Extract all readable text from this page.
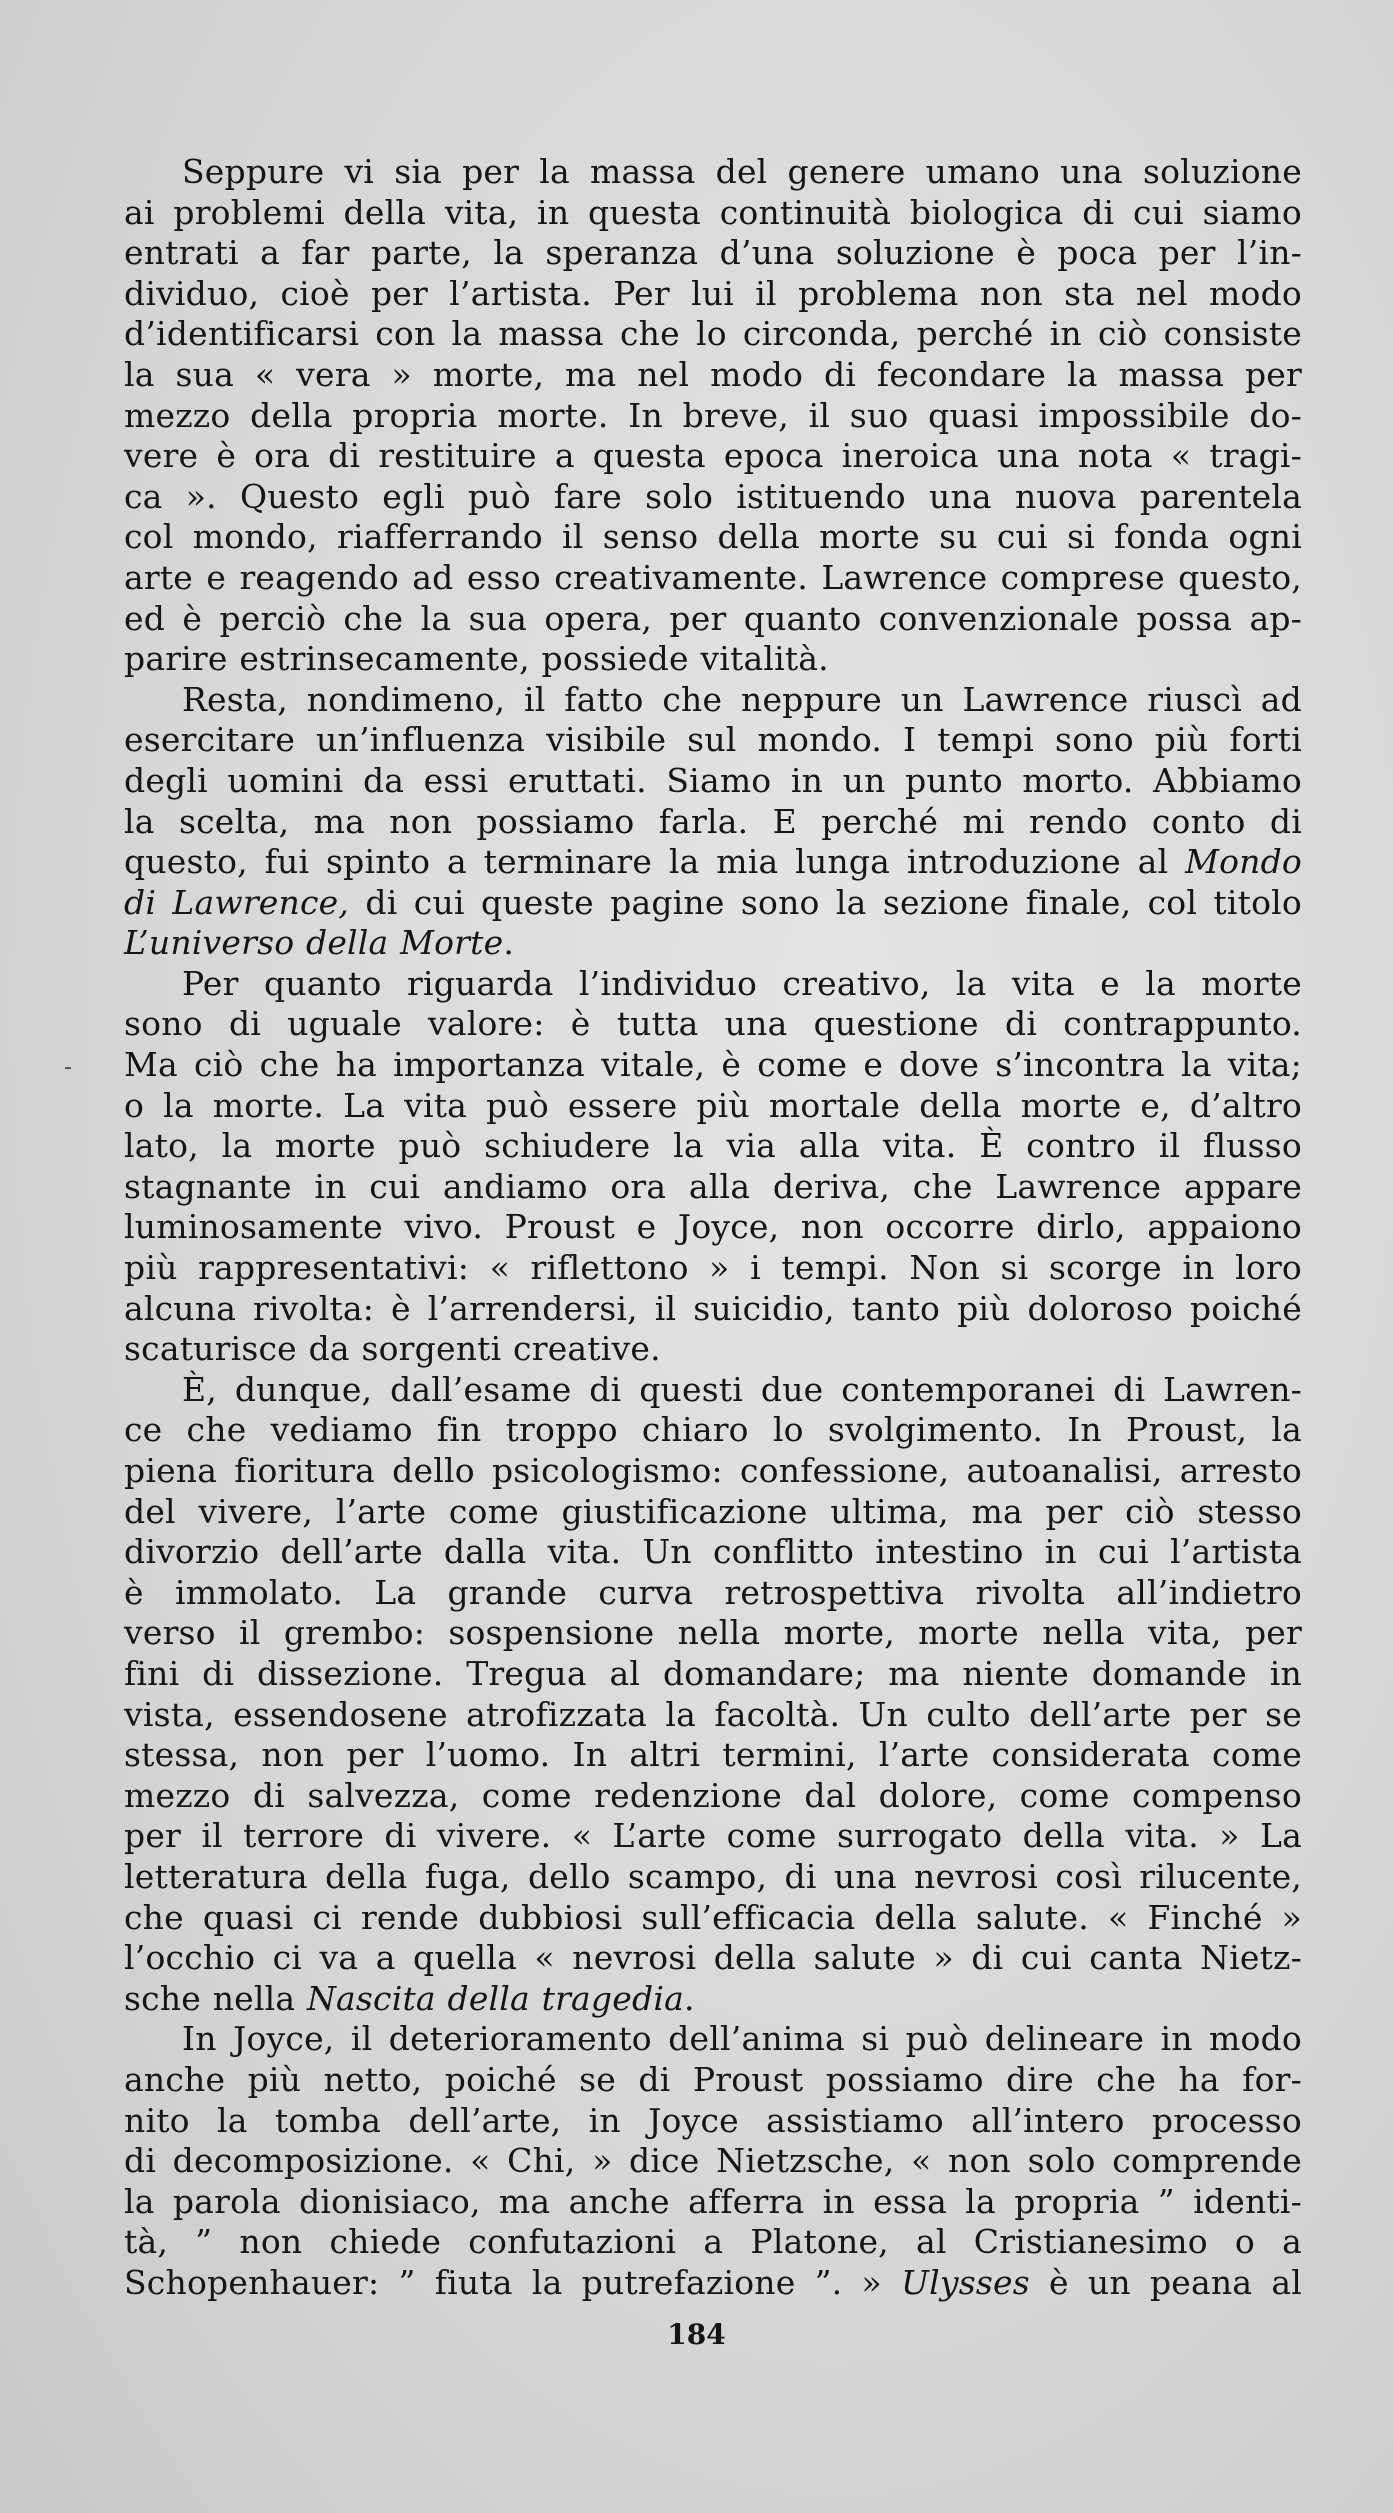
Seppure vi sia per la massa del genere umano una soluzione
ai problemi della vita, in questa continuità biologica di cui siamo
entrati a far parte, la speranza d’una soluzione è poca per l’in-
dividuo, cioè per l’artista. Per lui il problema non sta nel modo
d’identificarsi con la massa che lo circonda, perché in ciò consiste
la sua « vera » morte, ma nel modo di fecondare la massa per
mezzo della propria morte. In breve, il suo quasi impossibile do-
vere è ora di restituire a questa epoca ineroica una nota « tragi-
ca ». Questo egli può fare solo istituendo una nuova parentela
col mondo, riafferrando il senso della morte su cui si fonda ogni
arte e reagendo ad esso creativamente. Lawrence comprese questo,
ed è perciò che la sua opera, per quanto convenzionale possa ap-
parire estrinsecamente, possiede vitalità.
Resta, nondimeno, il fatto che neppure un Lawrence riuscì ad
esercitare un’influenza visibile sul mondo. I tempi sono più forti
degli uomini da essi eruttati. Siamo in un punto morto. Abbiamo
la scelta, ma non possiamo farla. E perché mi rendo conto di
questo, fui spinto a terminare la mia lunga introduzione al Mondo
di Lawrence, di cui queste pagine sono la sezione finale, col titolo
L’universo della Morte.
Per quanto riguarda l’individuo creativo, la vita e la morte
sono di uguale valore: è tutta una questione di contrappunto.
Ma ciò che ha importanza vitale, è come e dove s’incontra la vita;
o la morte. La vita può essere più mortale della morte e, d’altro
lato, la morte può schiudere la via alla vita. È contro il flusso
stagnante in cui andiamo ora alla deriva, che Lawrence appare
luminosamente vivo. Proust e Joyce, non occorre dirlo, appaiono
più rappresentativi: « riflettono » i tempi. Non si scorge in loro
alcuna rivolta: è l’arrendersi, il suicidio, tanto più doloroso poiché
scaturisce da sorgenti creative.
È, dunque, dall’esame di questi due contemporanei di Lawren-
ce che vediamo fin troppo chiaro lo svolgimento. In Proust, la
piena fioritura dello psicologismo: confessione, autoanalisi, arresto
del vivere, l’arte come giustificazione ultima, ma per ciò stesso
divorzio dell’arte dalla vita. Un conflitto intestino in cui l’artista
è immolato. La grande curva retrospettiva rivolta all’indietro
verso il grembo: sospensione nella morte, morte nella vita, per
fini di dissezione. Tregua al domandare; ma niente domande in
vista, essendosene atrofizzata la facoltà. Un culto dell’arte per se
stessa, non per l’uomo. In altri termini, l’arte considerata come
mezzo di salvezza, come redenzione dal dolore, come compenso
per il terrore di vivere. « L’arte come surrogato della vita. » La
letteratura della fuga, dello scampo, di una nevrosi così rilucente,
che quasi ci rende dubbiosi sull’efficacia della salute. « Finché »
l’occhio ci va a quella « nevrosi della salute » di cui canta Nietz-
sche nella Nascita della tragedia.
In Joyce, il deterioramento dell’anima si può delineare in modo
anche più netto, poiché se di Proust possiamo dire che ha for-
nito la tomba dell’arte, in Joyce assistiamo all’intero processo
di decomposizione. « Chi, » dice Nietzsche, « non solo comprende
la parola dionisiaco, ma anche afferra in essa la propria ” identi-
tà, ” non chiede confutazioni a Platone, al Cristianesimo o a
Schopenhauer: ” fiuta la putrefazione ”. » Ulysses è un peana al
-
184
